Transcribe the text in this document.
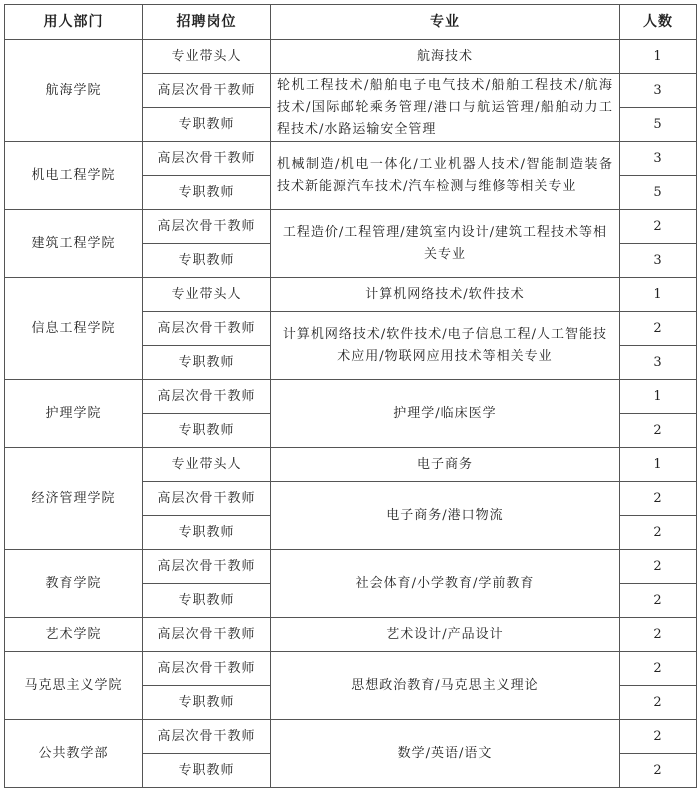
用人部门	招聘岗位	专业	人数
航海学院	专业带头人	航海技术	1
	高层次骨干教师	轮机工程技术/船舶电子电气技术/船舶工程技术/航海技术/国际邮轮乘务管理/港口与航运管理/船舶动力工程技术/水路运输安全管理	3
	专职教师		5
机电工程学院	高层次骨干教师	机械制造/机电一体化/工业机器人技术/智能制造装备技术新能源汽车技术/汽车检测与维修等相关专业	3
	专职教师		5
建筑工程学院	高层次骨干教师	工程造价/工程管理/建筑室内设计/建筑工程技术等相关专业	2
	专职教师		3
信息工程学院	专业带头人	计算机网络技术/软件技术	1
	高层次骨干教师	计算机网络技术/软件技术/电子信息工程/人工智能技术应用/物联网应用技术等相关专业	2
	专职教师		3
护理学院	高层次骨干教师	护理学/临床医学	1
	专职教师		2
经济管理学院	专业带头人	电子商务	1
	高层次骨干教师	电子商务/港口物流	2
	专职教师		2
教育学院	高层次骨干教师	社会体育/小学教育/学前教育	2
	专职教师		2
艺术学院	高层次骨干教师	艺术设计/产品设计	2
马克思主义学院	高层次骨干教师	思想政治教育/马克思主义理论	2
	专职教师		2
公共教学部	高层次骨干教师	数学/英语/语文	2
	专职教师		2
